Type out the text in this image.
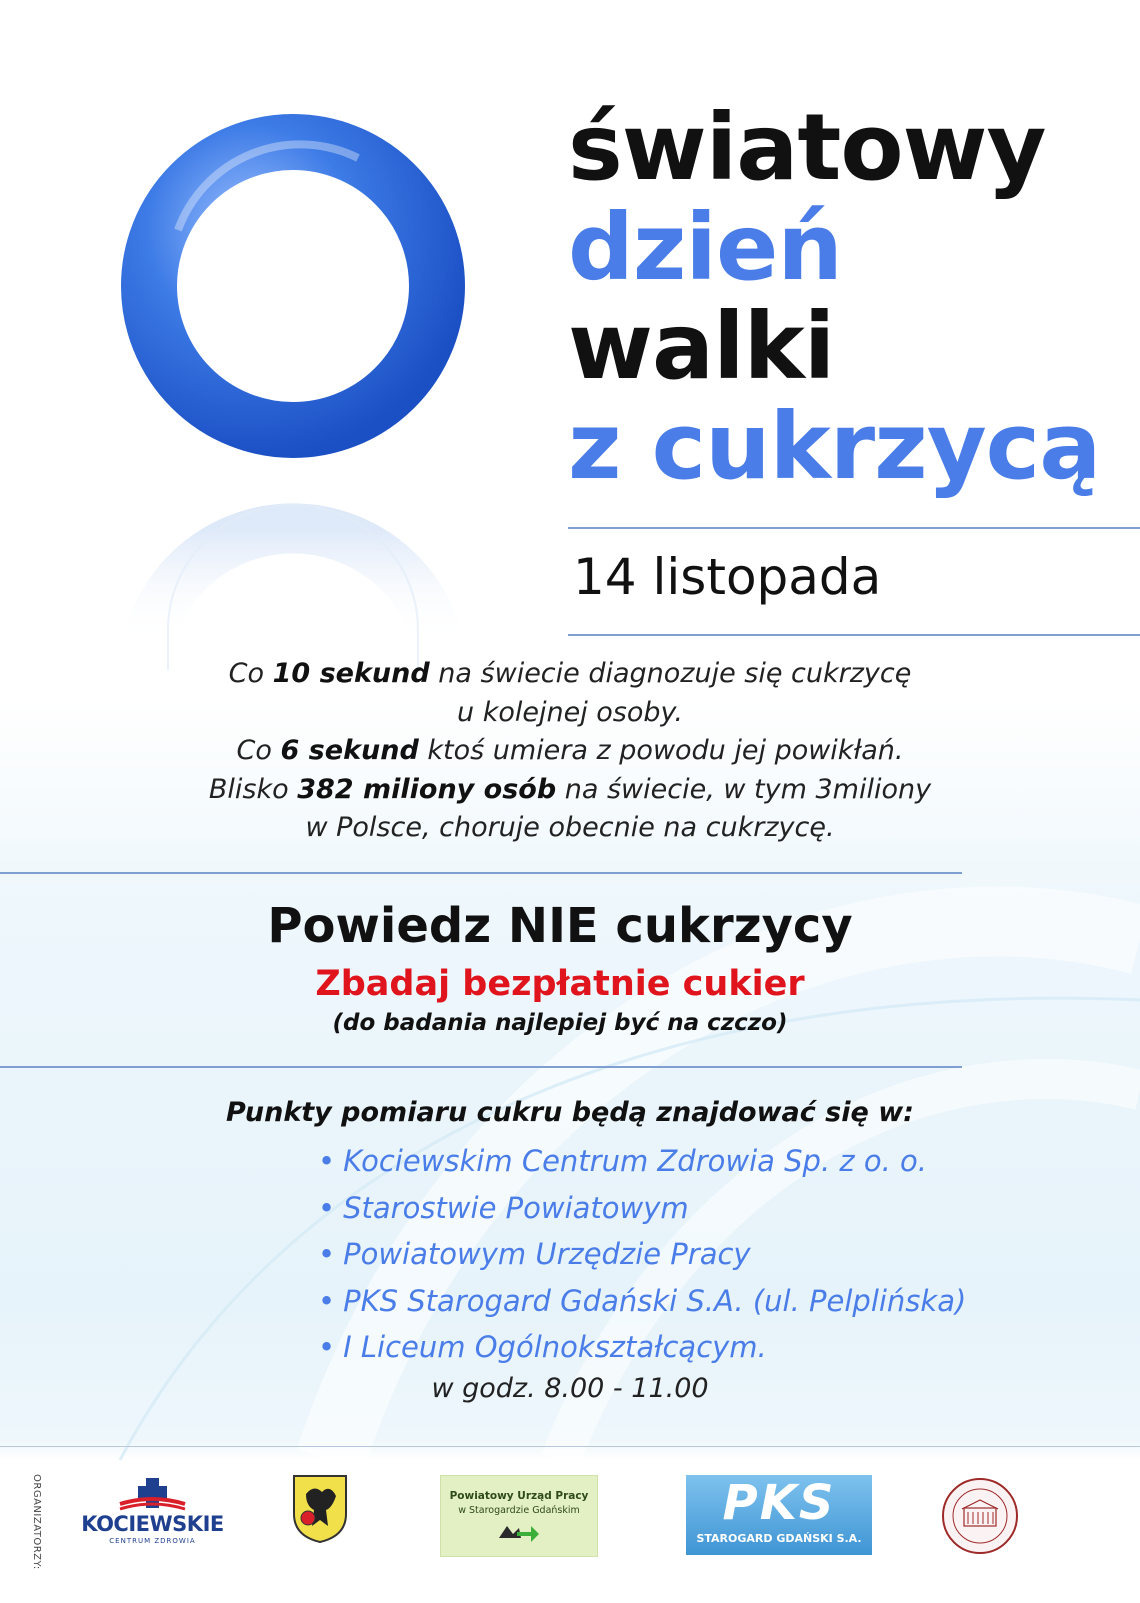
światowy
dzień
walki
z cukrzycą
14 listopada

Co 10 sekund na świecie diagnozuje się cukrzycę

u kolejnej osoby.

Co 6 sekund ktoś umiera z powodu jej powikłań.

Blisko 382 miliony osób na świecie, w tym 3miliony

w Polsce, choruje obecnie na cukrzycę.

Powiedz NIE cukrzycy
Zbadaj bezpłatnie cukier
(do badania najlepiej być na czczo)
Punkty pomiaru cukru będą znajdować się w:
• Kociewskim Centrum Zdrowia Sp. z o. o.
• Starostwie Powiatowym
• Powiatowym Urzędzie Pracy
• PKS Starogard Gdański S.A. (ul. Pelplińska)
• I Liceum Ogólnokształcącym.
w godz. 8.00 - 11.00
ORGANIZATORZY: KOCIEWSKIE
CENTRUM ZDROWIA
Powiatowy Urząd Pracy
w Starogardzie Gdańskim	PKS
STAROGARD GDAŃSKI S.A.
